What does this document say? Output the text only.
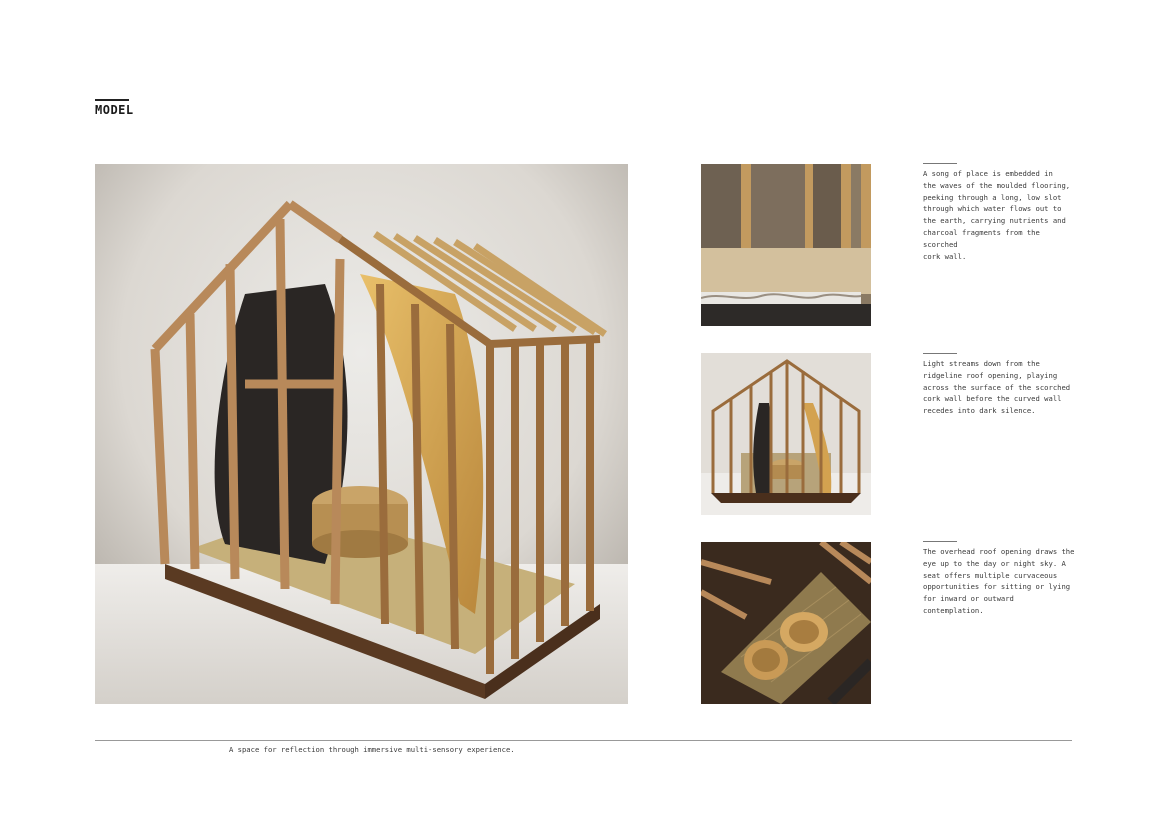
MODEL
A song of place is embedded in
the waves of the moulded flooring,
peeking through a long, low slot
through which water flows out to
the earth, carrying nutrients and
charcoal fragments from the scorched
cork wall.
Light streams down from the
ridgeline roof opening, playing
across the surface of the scorched
cork wall before the curved wall
recedes into dark silence.
The overhead roof opening draws the
eye up to the day or night sky. A
seat offers multiple curvaceous
opportunities for sitting or lying
for inward or outward contemplation.
A space for reflection through immersive multi-sensory experience.
